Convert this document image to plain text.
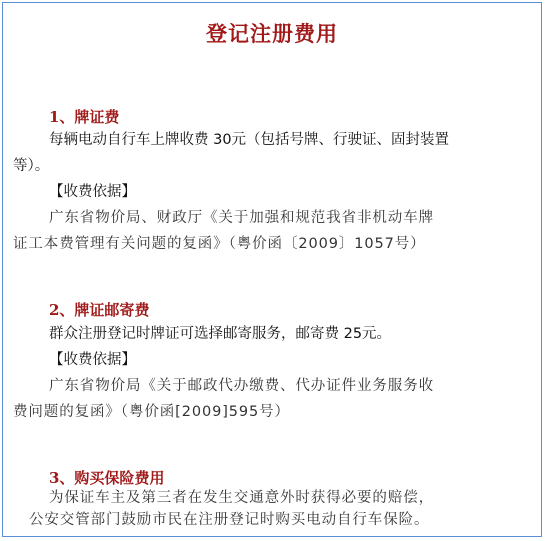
登记注册费用
1、牌证费
每辆电动自行车上牌收费 30元（包括号牌、行驶证、固封装置
等）。
【收费依据】
广东省物价局、财政厅《关于加强和规范我省非机动车牌
证工本费管理有关问题的复函》（粤价函〔2009〕1057号）
2、牌证邮寄费
群众注册登记时牌证可选择邮寄服务，邮寄费 25元。
【收费依据】
广东省物价局《关于邮政代办缴费、代办证件业务服务收
费问题的复函》（粤价函[2009]595号）
3、购买保险费用
为保证车主及第三者在发生交通意外时获得必要的赔偿，
公安交管部门鼓励市民在注册登记时购买电动自行车保险。
